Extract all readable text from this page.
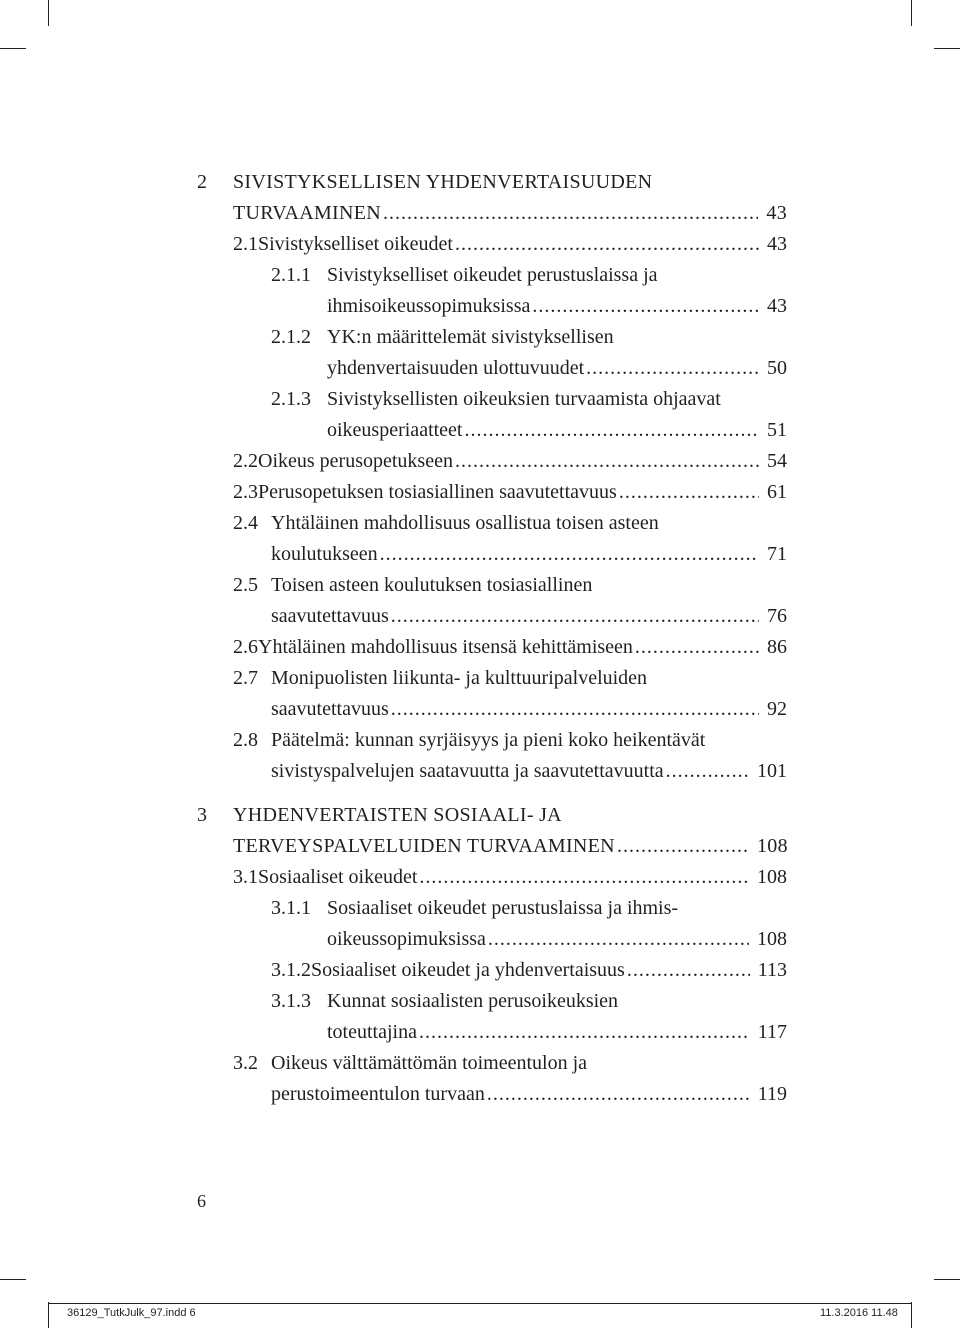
2	SIVISTYKSELLISEN YHDENVERTAISUUDEN
TURVAAMINEN .....	43
2.1 Sivistykselliset oikeudet .....	43
2.1.1 Sivistykselliset oikeudet perustuslaissa ja
ihmisoikeussopimuksissa .....	43
2.1.2 YK:n määrittelemät sivistyksellisen
yhdenvertaisuuden ulottuvuudet .....	50
2.1.3 Sivistyksellisten oikeuksien turvaamista ohjaavat
oikeusperiaatteet .....	51
2.2 Oikeus perusopetukseen .....	54
2.3 Perusopetuksen tosiasiallinen saavutettavuus .....	61
2.4 Yhtäläinen mahdollisuus osallistua toisen asteen
koulutukseen .....	71
2.5 Toisen asteen koulutuksen tosiasiallinen
saavutettavuus .....	76
2.6 Yhtäläinen mahdollisuus itsensä kehittämiseen .....	86
2.7 Monipuolisten liikunta- ja kulttuuripalveluiden
saavutettavuus .....	92
2.8 Päätelmä: kunnan syrjäisyys ja pieni koko heikentävät
sivistyspalvelujen saatavuutta ja saavutettavuutta .....	101
3	YHDENVERTAISTEN SOSIAALI- JA
TERVEYSPALVELUIDEN TURVAAMINEN .....	108
3.1 Sosiaaliset oikeudet .....	108
3.1.1 Sosiaaliset oikeudet perustuslaissa ja ihmis-
oikeussopimuksissa .....	108
3.1.2 Sosiaaliset oikeudet ja yhdenvertaisuus .....	113
3.1.3 Kunnat sosiaalisten perusoikeuksien
toteuttajina .....	117
3.2 Oikeus välttämättömän toimeentulon ja
perustoimeentulon turvaan .....	119
6
36129_TutkJulk_97.indd 6	11.3.2016 11.48
